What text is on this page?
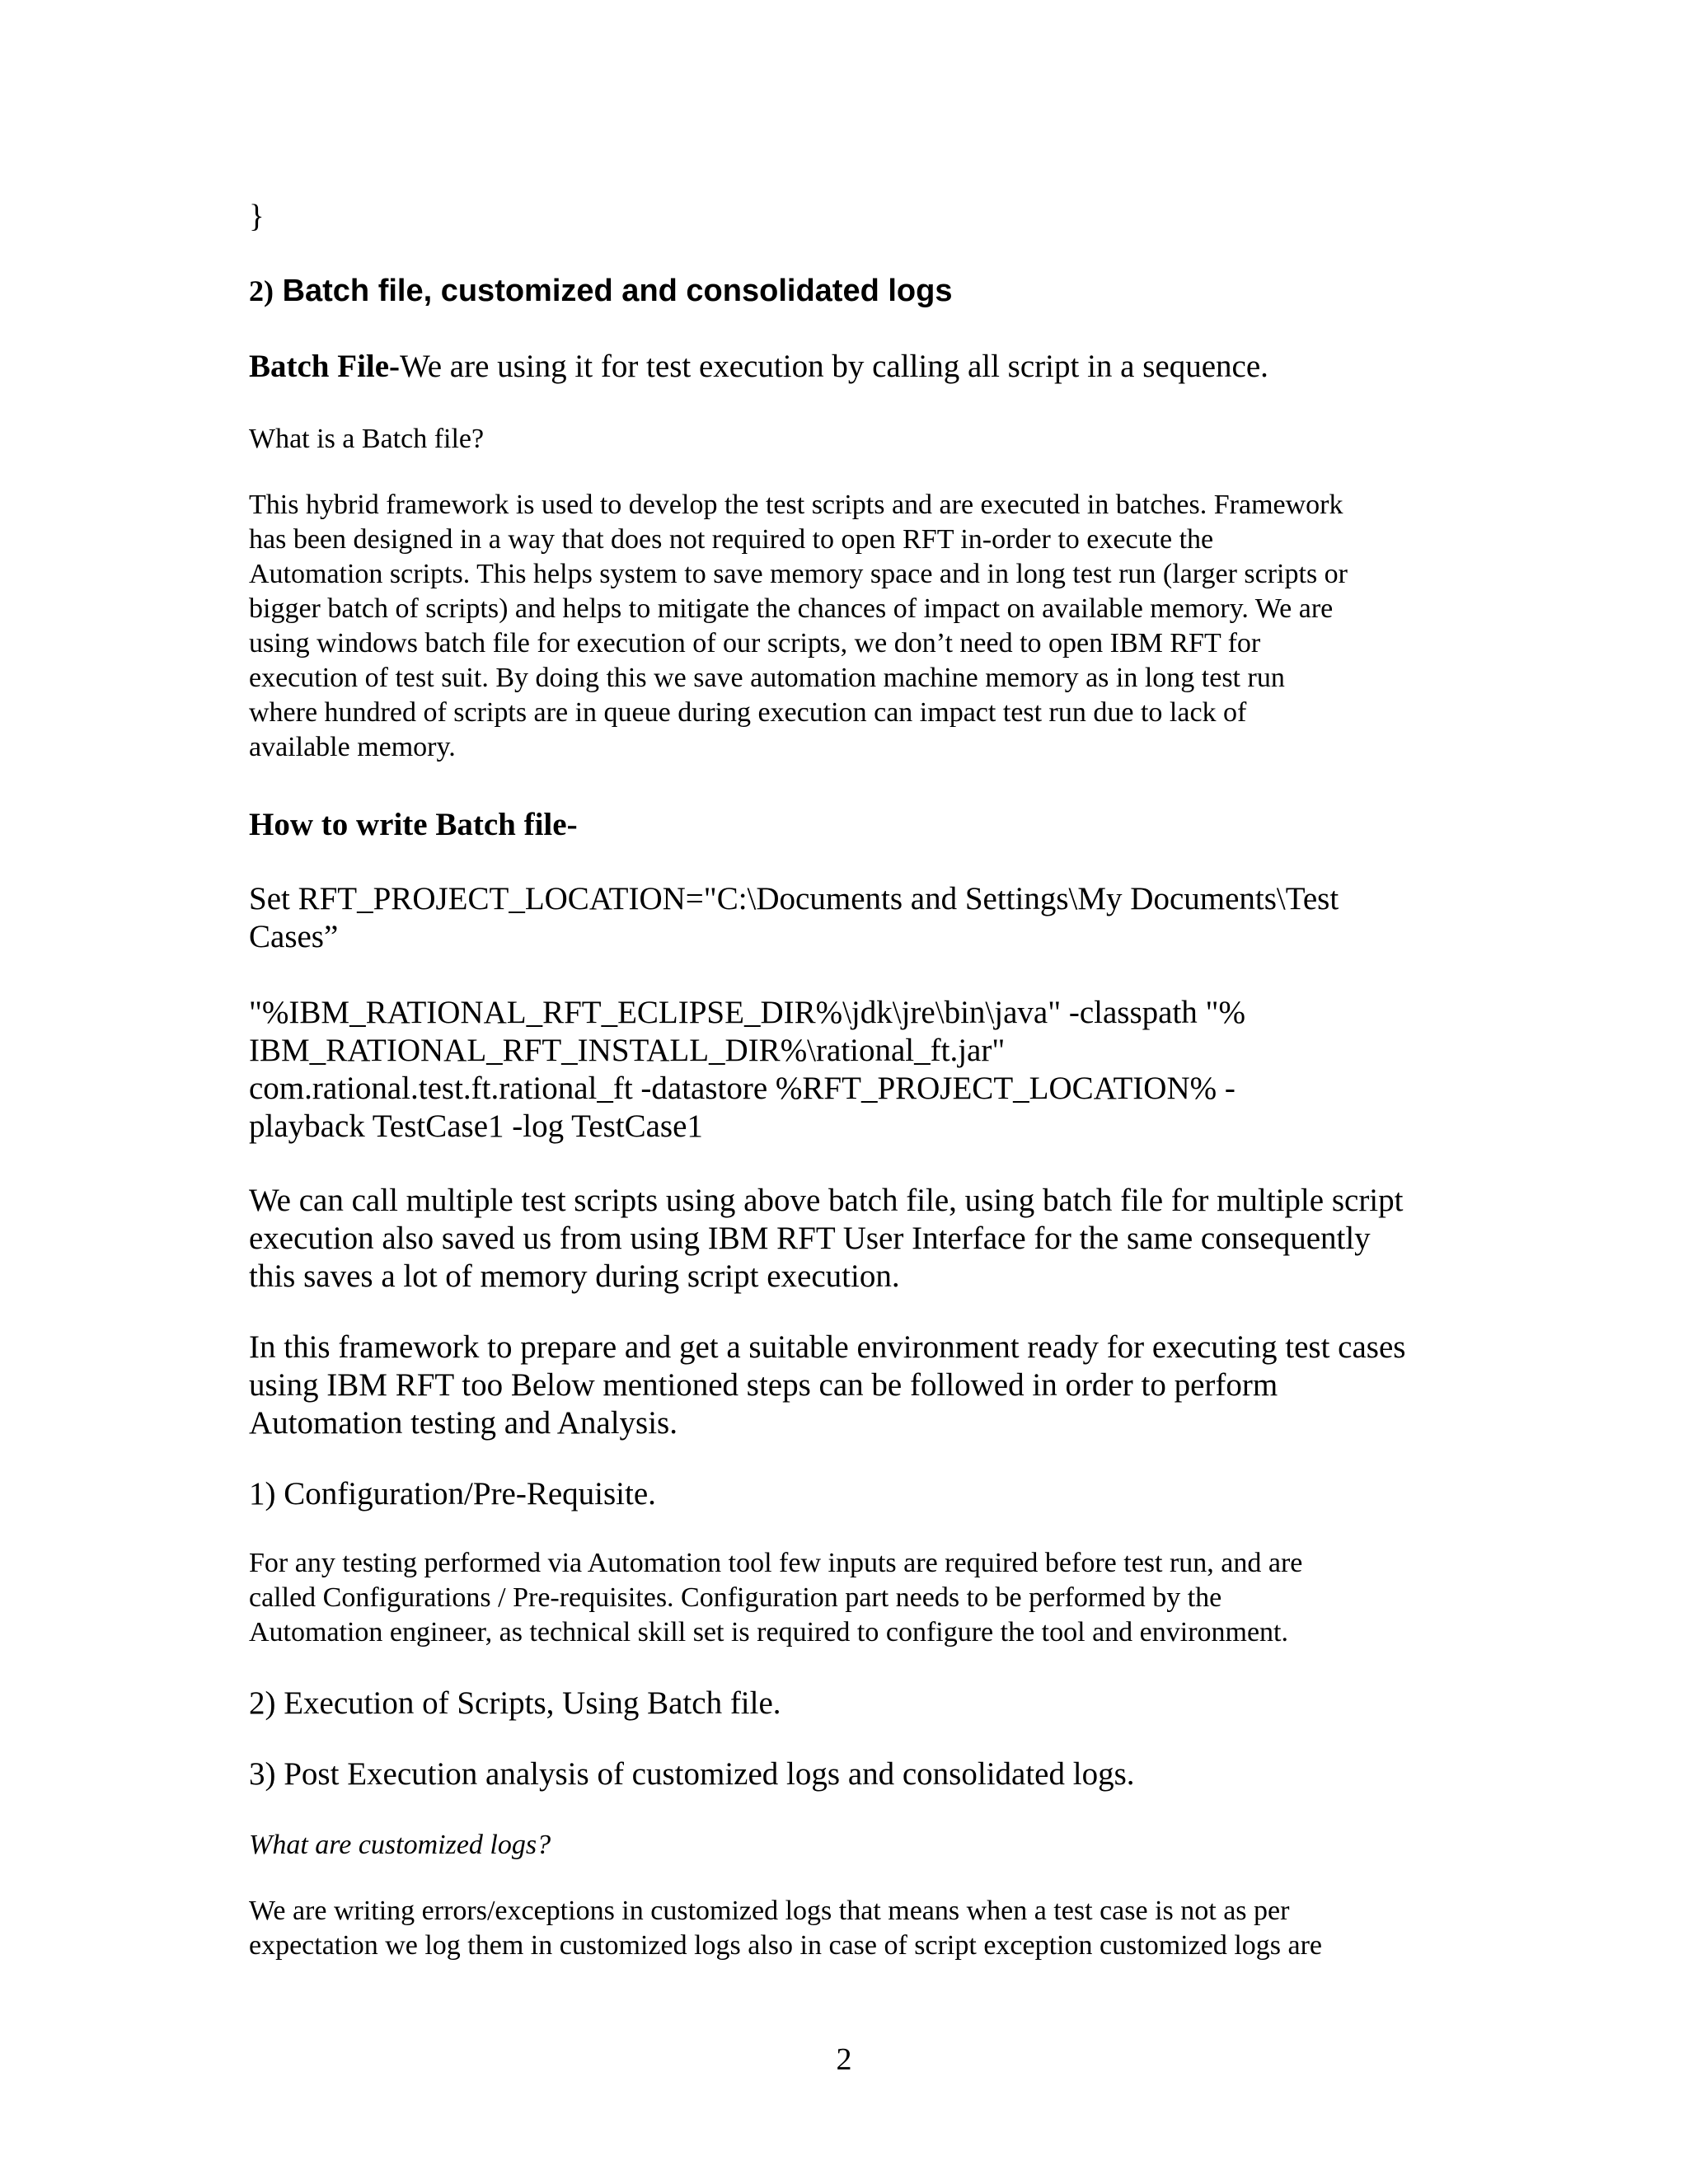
}

2) Batch file, customized and consolidated logs

Batch File-We are using it for test execution by calling all script in a sequence.

What is a Batch file?

This hybrid framework is used to develop the test scripts and are executed in batches. Framework
has been designed in a way that does not required to open RFT in-order to execute the
Automation scripts. This helps system to save memory space and in long test run (larger scripts or
bigger batch of scripts) and helps to mitigate the chances of impact on available memory. We are
using windows batch file for execution of our scripts, we don’t need to open IBM RFT for
execution of test suit. By doing this we save automation machine memory as in long test run
where hundred of scripts are in queue during execution can impact test run due to lack of
available memory.

How to write Batch file-

Set RFT_PROJECT_LOCATION="C:\Documents and Settings\My Documents\Test
Cases”
"%IBM_RATIONAL_RFT_ECLIPSE_DIR%\jdk\jre\bin\java" -classpath "%
IBM_RATIONAL_RFT_INSTALL_DIR%\rational_ft.jar"
com.rational.test.ft.rational_ft -datastore %RFT_PROJECT_LOCATION% -
playback TestCase1 -log TestCase1
We can call multiple test scripts using above batch file, using batch file for multiple script
execution also saved us from using IBM RFT User Interface for the same consequently
this saves a lot of memory during script execution.
In this framework to prepare and get a suitable environment ready for executing test cases
using IBM RFT too Below mentioned steps can be followed in order to perform
Automation testing and Analysis.

1) Configuration/Pre-Requisite.

For any testing performed via Automation tool few inputs are required before test run, and are
called Configurations / Pre-requisites. Configuration part needs to be performed by the
Automation engineer, as technical skill set is required to configure the tool and environment.

2) Execution of Scripts, Using Batch file.

3) Post Execution analysis of customized logs and consolidated logs.

What are customized logs?

We are writing errors/exceptions in customized logs that means when a test case is not as per
expectation we log them in customized logs also in case of script exception customized logs are
2
